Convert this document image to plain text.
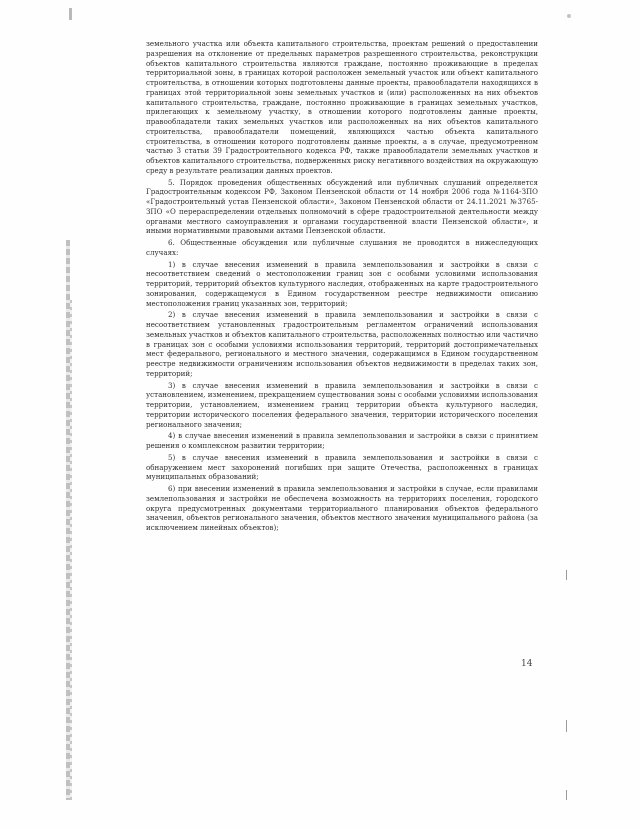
земельного участка или объекта капитального строительства, проектам решений о предоставлении разрешения на отклонение от предельных параметров разрешенного строительства, реконструкции объектов капитального строительства являются граждане, постоянно проживающие в пределах территориальной зоны, в границах которой расположен земельный участок или объект капитального строительства, в отношении которых подготовлены данные проекты, правообладатели находящихся в границах этой территориальной зоны земельных участков и (или) расположенных на них объектов капитального строительства, граждане, постоянно проживающие в границах земельных участков, прилегающих к земельному участку, в отношении которого подготовлены данные проекты, правообладатели таких земельных участков или расположенных на них объектов капитального строительства, правообладатели помещений, являющихся частью объекта капитального строительства, в отношении которого подготовлены данные проекты, а в случае, предусмотренном частью 3 статьи 39 Градостроительного кодекса РФ, также правообладатели земельных участков и объектов капитального строительства, подверженных риску негативного воздействия на окружающую среду в результате реализации данных проектов.

5. Порядок проведения общественных обсуждений или публичных слушаний определяется Градостроительным кодексом РФ, Законом Пензенской области от 14 ноября 2006 года №1164-ЗПО «Градостроительный устав Пензенской области», Законом Пензенской области от 24.11.2021 №3765-ЗПО «О перераспределении отдельных полномочий в сфере градостроительной деятельности между органами местного самоуправления и органами государственной власти Пензенской области», и иными нормативными правовыми актами Пензенской области.

6. Общественные обсуждения или публичные слушания не проводятся в нижеследующих случаях:

1) в случае внесения изменений в правила землепользования и застройки в связи с несоответствием сведений о местоположении границ зон с особыми условиями использования территорий, территорий объектов культурного наследия, отображенных на карте градостроительного зонирования, содержащемуся в Едином государственном реестре недвижимости описанию местоположения границ указанных зон, территорий;

2) в случае внесения изменений в правила землепользования и застройки в связи с несоответствием установленных градостроительным регламентом ограничений использования земельных участков и объектов капитального строительства, расположенных полностью или частично в границах зон с особыми условиями использования территорий, территорий достопримечательных мест федерального, регионального и местного значения, содержащимся в Едином государственном реестре недвижимости ограничениям использования объектов недвижимости в пределах таких зон, территорий;

3) в случае внесения изменений в правила землепользования и застройки в связи с установлением, изменением, прекращением существования зоны с особыми условиями использования территории, установлением, изменением границ территории объекта культурного наследия, территории исторического поселения федерального значения, территории исторического поселения регионального значения;

4) в случае внесения изменений в правила землепользования и застройки в связи с принятием решения о комплексном развитии территории;

5) в случае внесения изменений в правила землепользования и застройки в связи с обнаружением мест захоронений погибших при защите Отечества, расположенных в границах муниципальных образований;

6) при внесении изменений в правила землепользования и застройки в случае, если правилами землепользования и застройки не обеспечена возможность на территориях поселения, городского округа предусмотренных документами территориального планирования объектов федерального значения, объектов регионального значения, объектов местного значения муниципального района (за исключением линейных объектов);

14
